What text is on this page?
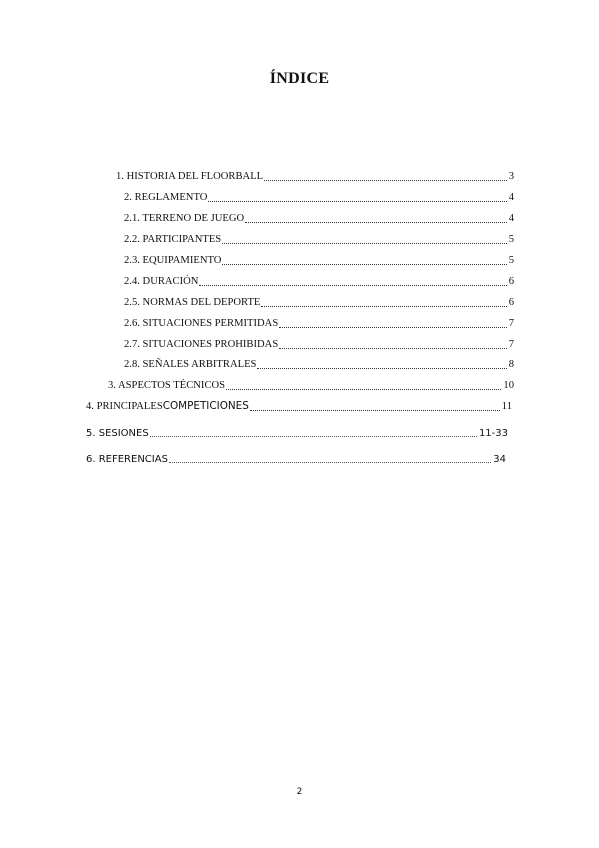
ÍNDICE
1. HISTORIA DEL FLOORBALL	3
2. REGLAMENTO	4
2.1. TERRENO DE JUEGO	4
2.2. PARTICIPANTES	5
2.3. EQUIPAMIENTO	5
2.4. DURACIÓN	6
2.5. NORMAS DEL DEPORTE	6
2.6. SITUACIONES PERMITIDAS	7
2.7. SITUACIONES PROHIBIDAS	7
2.8. SEÑALES ARBITRALES	8
3. ASPECTOS TÉCNICOS	10
4. PRINCIPALESCOMPETICIONES	11
5. SESIONES	11-33
6. REFERENCIAS	34
2
